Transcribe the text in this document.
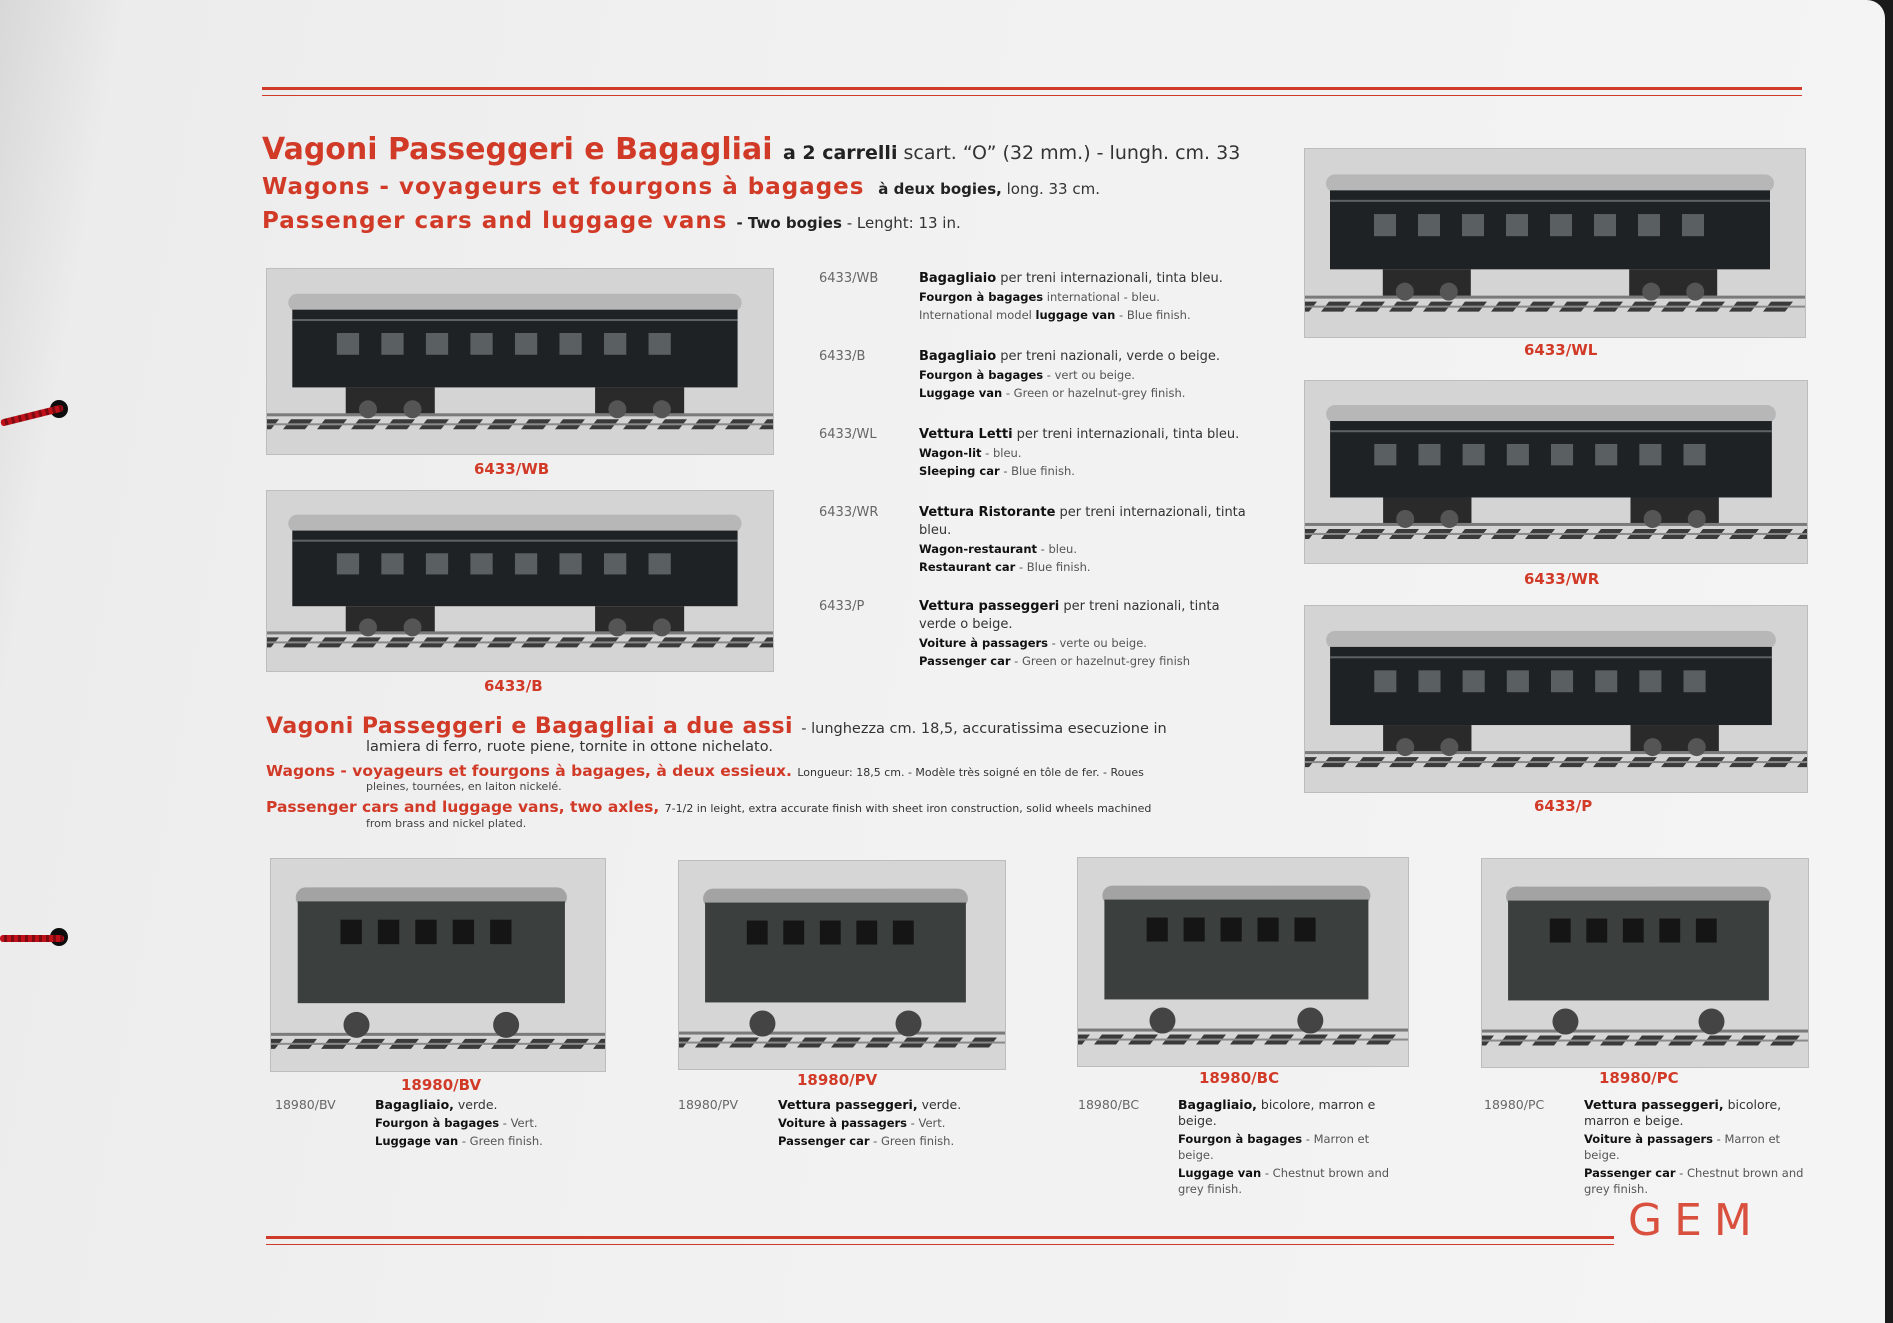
Vagoni Passeggeri e Bagagliai a 2 carrelli scart. “O” (32 mm.) - lungh. cm. 33
Wagons - voyageurs et fourgons à bagages à deux bogies, long. 33 cm.
Passenger cars and luggage vans - Two bogies - Lenght: 13 in.
6433/WB
6433/B
6433/WL
6433/WR
6433/P
6433/WB	Bagagliaio per treni internazionali, tinta bleu.
Fourgon à bagages international - bleu.
International model luggage van - Blue finish.
6433/B	Bagagliaio per treni nazionali, verde o beige.
Fourgon à bagages - vert ou beige.
Luggage van - Green or hazelnut-grey finish.
6433/WL	Vettura Letti per treni internazionali, tinta bleu.
Wagon-lit - bleu.
Sleeping car - Blue finish.
6433/WR	Vettura Ristorante per treni internazionali, tinta bleu.
Wagon-restaurant - bleu.
Restaurant car - Blue finish.
6433/P	Vettura passeggeri per treni nazionali, tinta verde o beige.
Voiture à passagers - verte ou beige.
Passenger car - Green or hazelnut-grey finish
Vagoni Passeggeri e Bagagliai a due assi - lunghezza cm. 18,5, accuratissima esecuzione in
lamiera di ferro, ruote piene, tornite in ottone nichelato.
Wagons - voyageurs et fourgons à bagages, à deux essieux. Longueur: 18,5 cm. - Modèle très soigné en tôle de fer. - Roues
pleines, tournées, en laiton nickelé.
Passenger cars and luggage vans, two axles, 7-1/2 in leight, extra accurate finish with sheet iron construction, solid wheels machined
from brass and nickel plated.
18980/BV	18980/PV	18980/BC	18980/PC
18980/BV	Bagagliaio, verde.
Fourgon à bagages - Vert.
Luggage van - Green finish.
18980/PV	Vettura passeggeri, verde.
Voiture à passagers - Vert.
Passenger car - Green finish.
18980/BC	Bagagliaio, bicolore, marron e beige.
Fourgon à bagages - Marron et beige.
Luggage van - Chestnut brown and grey finish.
18980/PC	Vettura passeggeri, bicolore, marron e beige.
Voiture à passagers - Marron et beige.
Passenger car - Chestnut brown and grey finish.
GEM
